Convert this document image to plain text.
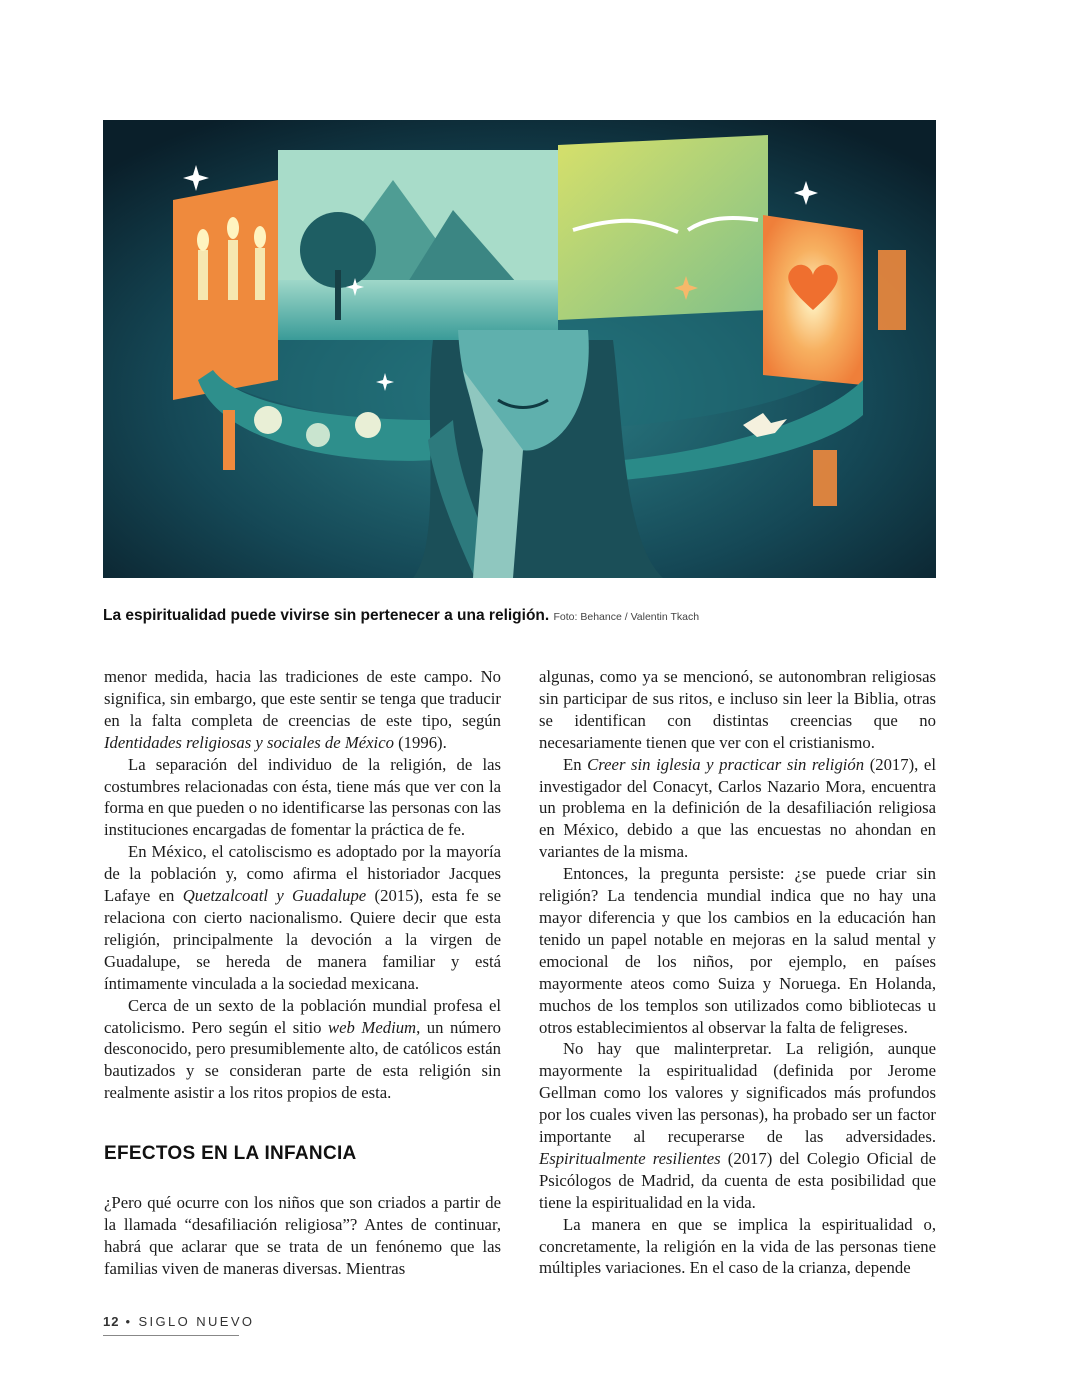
La espiritualidad puede vivirse sin pertenecer a una religión. Foto: Behance / Valentin Tkach

menor medida, hacia las tradiciones de este campo. No significa, sin embargo, que este sentir se tenga que traducir en la falta completa de creencias de este tipo, según Identidades religiosas y sociales de México (1996).

La separación del individuo de la religión, de las costumbres relacionadas con ésta, tiene más que ver con la forma en que pueden o no identificarse las personas con las instituciones encargadas de fomentar la práctica de fe.

En México, el catoliscismo es adoptado por la mayoría de la población y, como afirma el historiador Jacques Lafaye en Quetzalcoatl y Guadalupe (2015), esta fe se relaciona con cierto nacionalismo. Quiere decir que esta religión, principalmente la devoción a la virgen de Guadalupe, se hereda de manera familiar y está íntimamente vinculada a la sociedad mexicana.

Cerca de un sexto de la población mundial profesa el catolicismo. Pero según el sitio web Medium, un número desconocido, pero presumiblemente alto, de católicos están bautizados y se consideran parte de esta religión sin realmente asistir a los ritos propios de esta.

EFECTOS EN LA INFANCIA

¿Pero qué ocurre con los niños que son criados a partir de la llamada “desafiliación religiosa”? Antes de continuar, habrá que aclarar que se trata de un fenónemo que las familias viven de maneras diversas. Mientras

algunas, como ya se mencionó, se autonombran religiosas sin participar de sus ritos, e incluso sin leer la Biblia, otras se identifican con distintas creencias que no necesariamente tienen que ver con el cristianismo.

En Creer sin iglesia y practicar sin religión (2017), el investigador del Conacyt, Carlos Nazario Mora, encuentra un problema en la definición de la desafiliación religiosa en México, debido a que las encuestas no ahondan en variantes de la misma.

Entonces, la pregunta persiste: ¿se puede criar sin religión? La tendencia mundial indica que no hay una mayor diferencia y que los cambios en la educación han tenido un papel notable en mejoras en la salud mental y emocional de los niños, por ejemplo, en países mayormente ateos como Suiza y Noruega. En Holanda, muchos de los templos son utilizados como bibliotecas u otros establecimientos al observar la falta de feligreses.

No hay que malinterpretar. La religión, aunque mayormente la espiritualidad (definida por Jerome Gellman como los valores y significados más profundos por los cuales viven las personas), ha probado ser un factor importante al recuperarse de las adversidades. Espiritualmente resilientes (2017) del Colegio Oficial de Psicólogos de Madrid, da cuenta de esta posibilidad que tiene la espiritualidad en la vida.

La manera en que se implica la espiritualidad o, concretamente, la religión en la vida de las personas tiene múltiples variaciones. En el caso de la crianza, depende

12 • SIGLO NUEVO
